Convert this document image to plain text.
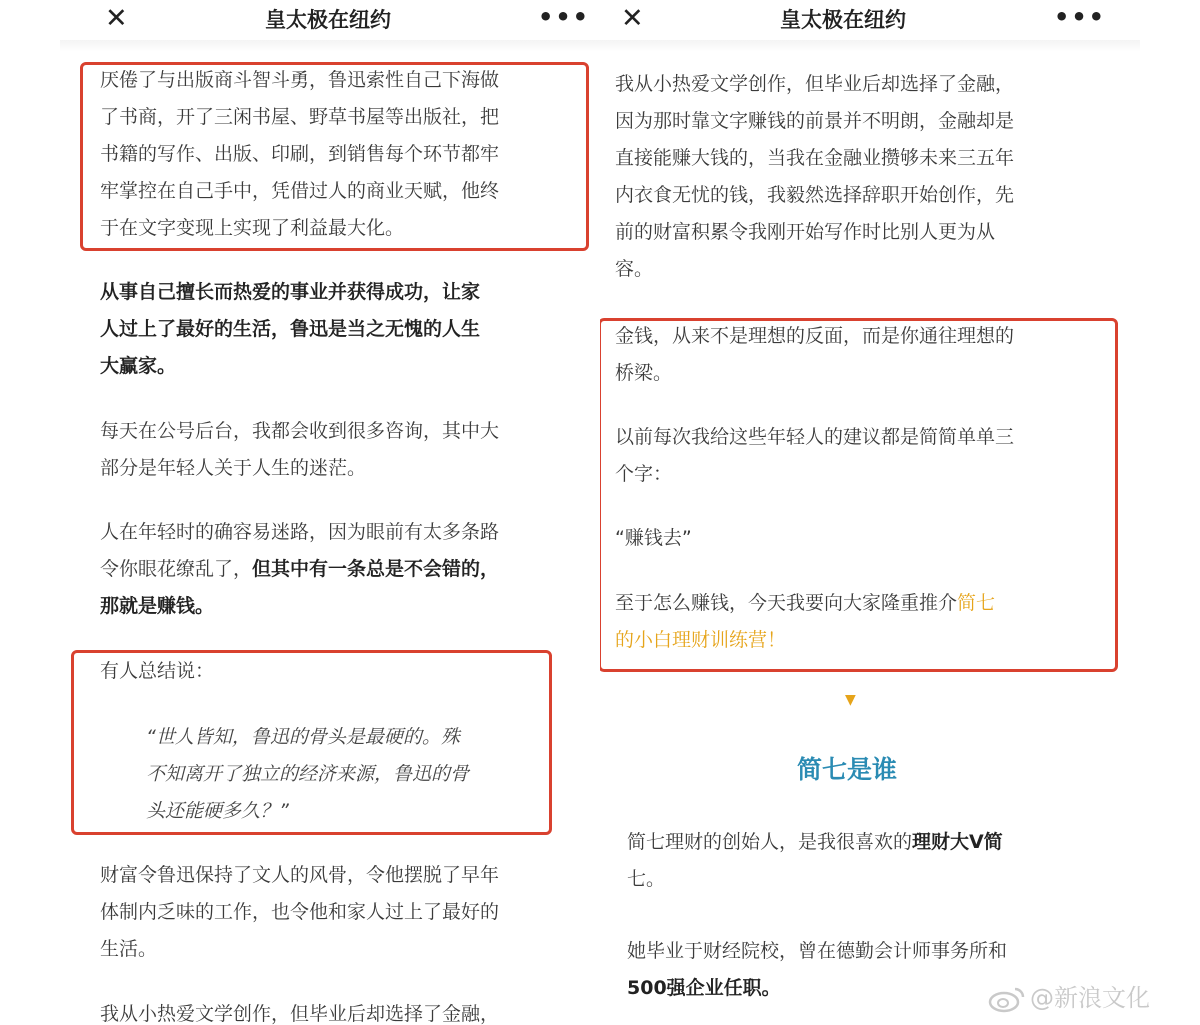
✕	皇太极在纽约	•••

厌倦了与出版商斗智斗勇，鲁迅索性自己下海做
了书商，开了三闲书屋、野草书屋等出版社，把
书籍的写作、出版、印刷，到销售每个环节都牢
牢掌控在自己手中，凭借过人的商业天赋，他终
于在文字变现上实现了利益最大化。

从事自己擅长而热爱的事业并获得成功，让家
人过上了最好的生活，鲁迅是当之无愧的人生
大赢家。

每天在公号后台，我都会收到很多咨询，其中大
部分是年轻人关于人生的迷茫。

人在年轻时的确容易迷路，因为眼前有太多条路
令你眼花缭乱了，但其中有一条总是不会错的，
那就是赚钱。

有人总结说：

“世人皆知，鲁迅的骨头是最硬的。殊
不知离开了独立的经济来源，鲁迅的骨
头还能硬多久？”

财富令鲁迅保持了文人的风骨，令他摆脱了早年
体制内乏味的工作，也令他和家人过上了最好的
生活。

我从小热爱文学创作，但毕业后却选择了金融，

✕	皇太极在纽约	•••

我从小热爱文学创作，但毕业后却选择了金融，
因为那时靠文字赚钱的前景并不明朗，金融却是
直接能赚大钱的，当我在金融业攒够未来三五年
内衣食无忧的钱，我毅然选择辞职开始创作，先
前的财富积累令我刚开始写作时比别人更为从
容。

金钱，从来不是理想的反面，而是你通往理想的
桥梁。

以前每次我给这些年轻人的建议都是简简单单三
个字：

“赚钱去”

至于怎么赚钱，今天我要向大家隆重推介简七
的小白理财训练营！

▼
简七是谁

简七理财的创始人，是我很喜欢的理财大V简
七。

她毕业于财经院校，曾在德勤会计师事务所和
500强企业任职。	@新浪文化
